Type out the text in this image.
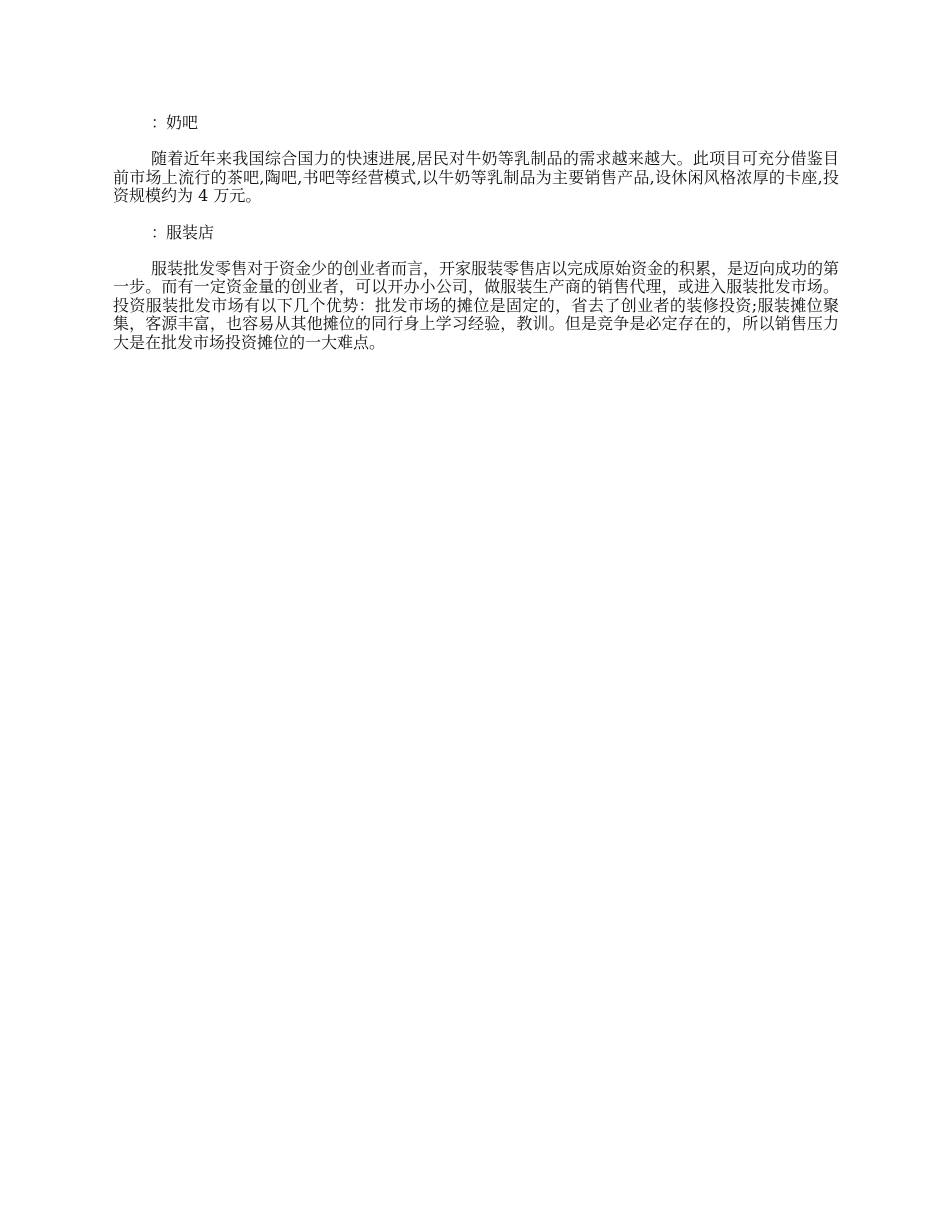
：奶吧

随着近年来我国综合国力的快速进展,居民对牛奶等乳制品的需求越来越大。此项目可充分借鉴目前市场上流行的茶吧,陶吧,书吧等经营模式,以牛奶等乳制品为主要销售产品,设休闲风格浓厚的卡座,投资规模约为 4 万元。

：服装店

服装批发零售对于资金少的创业者而言，开家服装零售店以完成原始资金的积累，是迈向成功的第一步。而有一定资金量的创业者，可以开办小公司，做服装生产商的销售代理，或进入服装批发市场。投资服装批发市场有以下几个优势：批发市场的摊位是固定的，省去了创业者的装修投资;服装摊位聚集，客源丰富，也容易从其他摊位的同行身上学习经验，教训。但是竞争是必定存在的，所以销售压力大是在批发市场投资摊位的一大难点。
